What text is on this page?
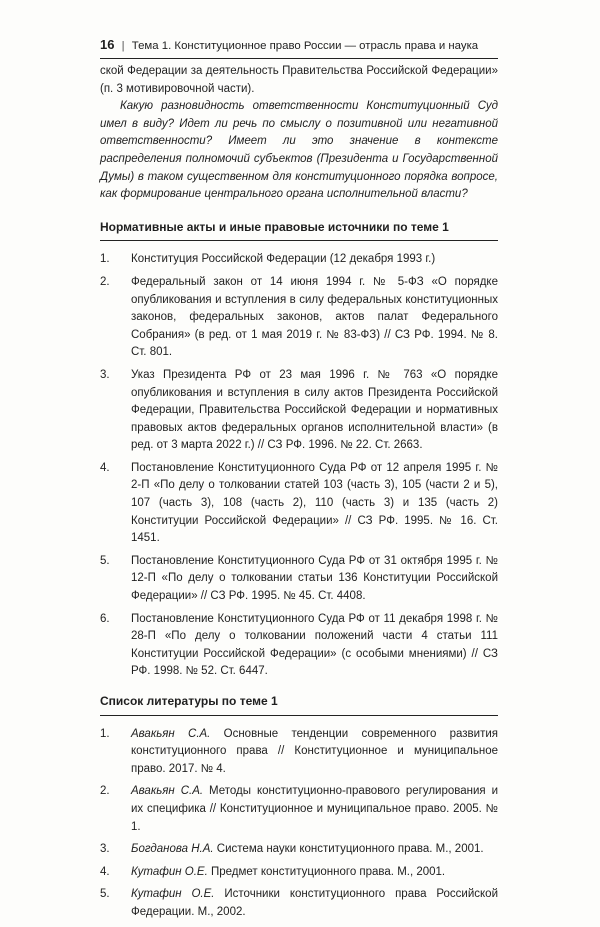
16 | Тема 1. Конституционное право России — отрасль права и наука

ской Федерации за деятельность Правительства Российской Федерации» (п. 3 мотивировочной части).

Какую разновидность ответственности Конституционный Суд имел в виду? Идет ли речь по смыслу о позитивной или негативной ответственности? Имеет ли это значение в контексте распределения полномочий субъектов (Президента и Государственной Думы) в таком существенном для конституционного порядка вопросе, как формирование центрального органа исполнительной власти?

Нормативные акты и иные правовые источники по теме 1
1.	Конституция Российской Федерации (12 декабря 1993 г.)
2.	Федеральный закон от 14 июня 1994 г. № 5-ФЗ «О порядке опубликования и вступления в силу федеральных конституционных законов, федеральных законов, актов палат Федерального Собрания» (в ред. от 1 мая 2019 г. № 83-ФЗ) // СЗ РФ. 1994. № 8. Ст. 801.
3.	Указ Президента РФ от 23 мая 1996 г. № 763 «О порядке опубликования и вступления в силу актов Президента Российской Федерации, Правительства Российской Федерации и нормативных правовых актов федеральных органов исполнительной власти» (в ред. от 3 марта 2022 г.) // СЗ РФ. 1996. № 22. Ст. 2663.
4.	Постановление Конституционного Суда РФ от 12 апреля 1995 г. № 2-П «По делу о толковании статей 103 (часть 3), 105 (части 2 и 5), 107 (часть 3), 108 (часть 2), 110 (часть 3) и 135 (часть 2) Конституции Российской Федерации» // СЗ РФ. 1995. № 16. Ст. 1451.
5.	Постановление Конституционного Суда РФ от 31 октября 1995 г. № 12-П «По делу о толковании статьи 136 Конституции Российской Федерации» // СЗ РФ. 1995. № 45. Ст. 4408.
6.	Постановление Конституционного Суда РФ от 11 декабря 1998 г. № 28-П «По делу о толковании положений части 4 статьи 111 Конституции Российской Федерации» (с особыми мнениями) // СЗ РФ. 1998. № 52. Ст. 6447.
Список литературы по теме 1
1.	Авакьян С.А. Основные тенденции современного развития конституционного права // Конституционное и муниципальное право. 2017. № 4.
2.	Авакьян С.А. Методы конституционно-правового регулирования и их специфика // Конституционное и муниципальное право. 2005. № 1.
3.	Богданова Н.А. Система науки конституционного права. М., 2001.
4.	Кутафин О.Е. Предмет конституционного права. М., 2001.
5.	Кутафин О.Е. Источники конституционного права Российской Федерации. М., 2002.
